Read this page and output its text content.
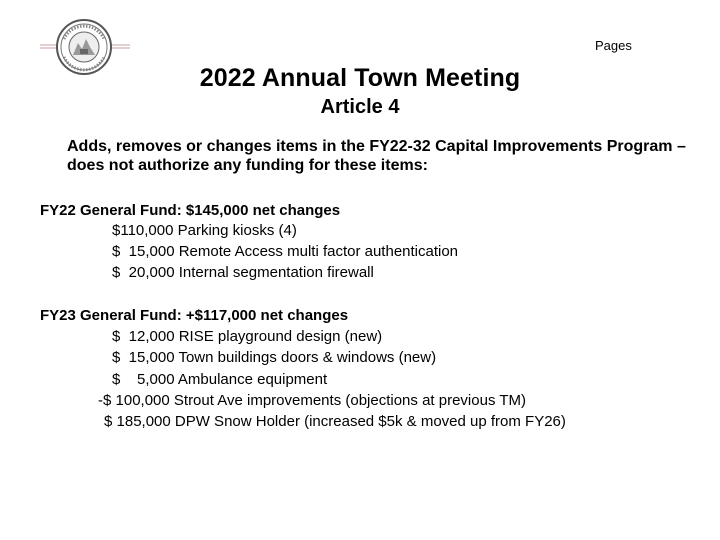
Pages
2022 Annual Town Meeting
Article 4
Adds, removes or changes items in the FY22-32 Capital Improvements Program – does not authorize any funding for these items:
FY22 General Fund: $145,000 net changes
$110,000 Parking kiosks (4)
$  15,000 Remote Access multi factor authentication
$  20,000 Internal segmentation firewall
FY23 General Fund: +$117,000 net changes
$  12,000 RISE playground design (new)
$  15,000 Town buildings doors & windows (new)
$    5,000 Ambulance equipment
-$ 100,000 Strout Ave improvements (objections at previous TM)
$ 185,000 DPW Snow Holder (increased $5k & moved up from FY26)
